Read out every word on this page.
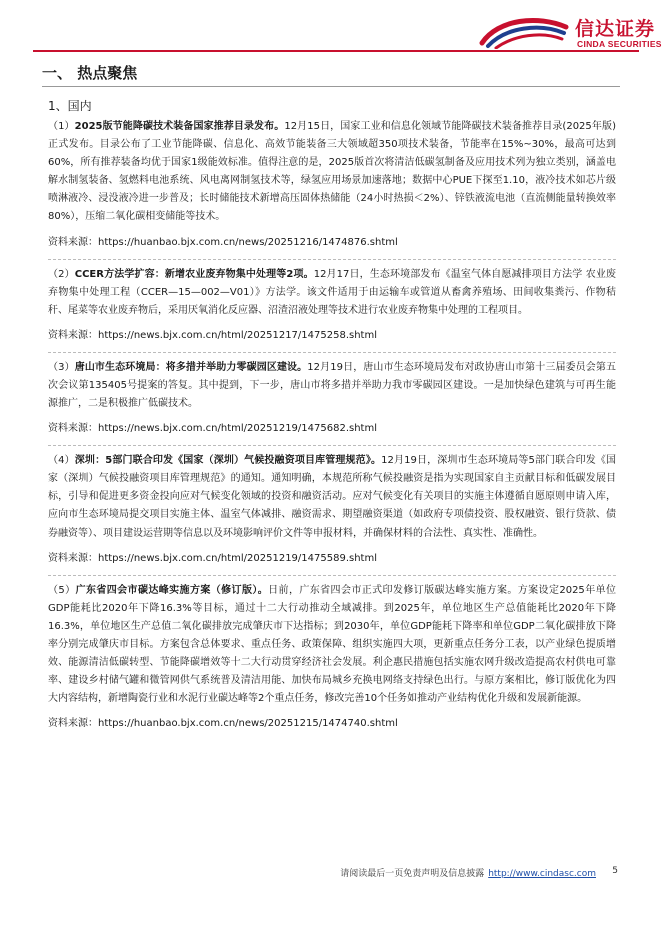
信达证券
CINDA SECURITIES
一、 热点聚焦
1、国内

（1）2025版节能降碳技术装备国家推荐目录发布。12月15日，国家工业和信息化领域节能降碳技术装备推荐目录(2025年版)正式发布。目录公布了工业节能降碳、信息化、高效节能装备三大领域超350项技术装备，节能率在15%~30%，最高可达到60%，所有推荐装备均优于国家1级能效标准。值得注意的是，2025版首次将清洁低碳氢制备及应用技术列为独立类别，涵盖电解水制氢装备、氢燃料电池系统、风电离网制氢技术等，绿氢应用场景加速落地；数据中心PUE下探至1.10，液冷技术如芯片级喷淋液冷、浸没液冷进一步普及；长时储能技术新增高压固体热储能（24小时热损＜2%）、锌铁液流电池（直流侧能量转换效率80%），压缩二氧化碳相变储能等技术。

资料来源：https://huanbao.bjx.com.cn/news/20251216/1474876.shtml

（2）CCER方法学扩容：新增农业废弃物集中处理等2项。12月17日，生态环境部发布《温室气体自愿减排项目方法学 农业废弃物集中处理工程（CCER—15—002—V01）》方法学。该文件适用于由运输车或管道从畜禽养殖场、田间收集粪污、作物秸秆、尾菜等农业废弃物后，采用厌氧消化反应器、沼渣沼液处理等技术进行农业废弃物集中处理的工程项目。

资料来源：https://news.bjx.com.cn/html/20251217/1475258.shtml

（3）唐山市生态环境局：将多措并举助力零碳园区建设。12月19日，唐山市生态环境局发布对政协唐山市第十三届委员会第五次会议第135405号提案的答复。其中提到，下一步，唐山市将多措并举助力我市零碳园区建设。一是加快绿色建筑与可再生能源推广，二是积极推广低碳技术。

资料来源：https://news.bjx.com.cn/html/20251219/1475682.shtml

（4）深圳：5部门联合印发《国家（深圳）气候投融资项目库管理规范》。12月19日，深圳市生态环境局等5部门联合印发《国家（深圳）气候投融资项目库管理规范》的通知。通知明确，本规范所称气候投融资是指为实现国家自主贡献目标和低碳发展目标，引导和促进更多资金投向应对气候变化领域的投资和融资活动。应对气候变化有关项目的实施主体遵循自愿原则申请入库，应向市生态环境局提交项目实施主体、温室气体减排、融资需求、期望融资渠道（如政府专项债投资、股权融资、银行贷款、债券融资等）、项目建设运营期等信息以及环境影响评价文件等申报材料，并确保材料的合法性、真实性、准确性。

资料来源：https://news.bjx.com.cn/html/20251219/1475589.shtml

（5）广东省四会市碳达峰实施方案（修订版）。日前，广东省四会市正式印发修订版碳达峰实施方案。方案设定2025年单位GDP能耗比2020年下降16.3%等目标，通过十二大行动推动全域减排。到2025年，单位地区生产总值能耗比2020年下降16.3%，单位地区生产总值二氧化碳排放完成肇庆市下达指标；到2030年，单位GDP能耗下降率和单位GDP二氧化碳排放下降率分别完成肇庆市目标。方案包含总体要求、重点任务、政策保障、组织实施四大项，更新重点任务分工表，以产业绿色提质增效、能源清洁低碳转型、节能降碳增效等十二大行动贯穿经济社会发展。利企惠民措施包括实施农网升级改造提高农村供电可靠率、建设乡村储气罐和微管网供气系统普及清洁用能、加快布局城乡充换电网络支持绿色出行。与原方案相比，修订版优化为四大内容结构，新增陶瓷行业和水泥行业碳达峰等2个重点任务，修改完善10个任务如推动产业结构优化升级和发展新能源。

资料来源：https://huanbao.bjx.com.cn/news/20251215/1474740.shtml

请阅读最后一页免责声明及信息披露 http://www.cindasc.com 5
